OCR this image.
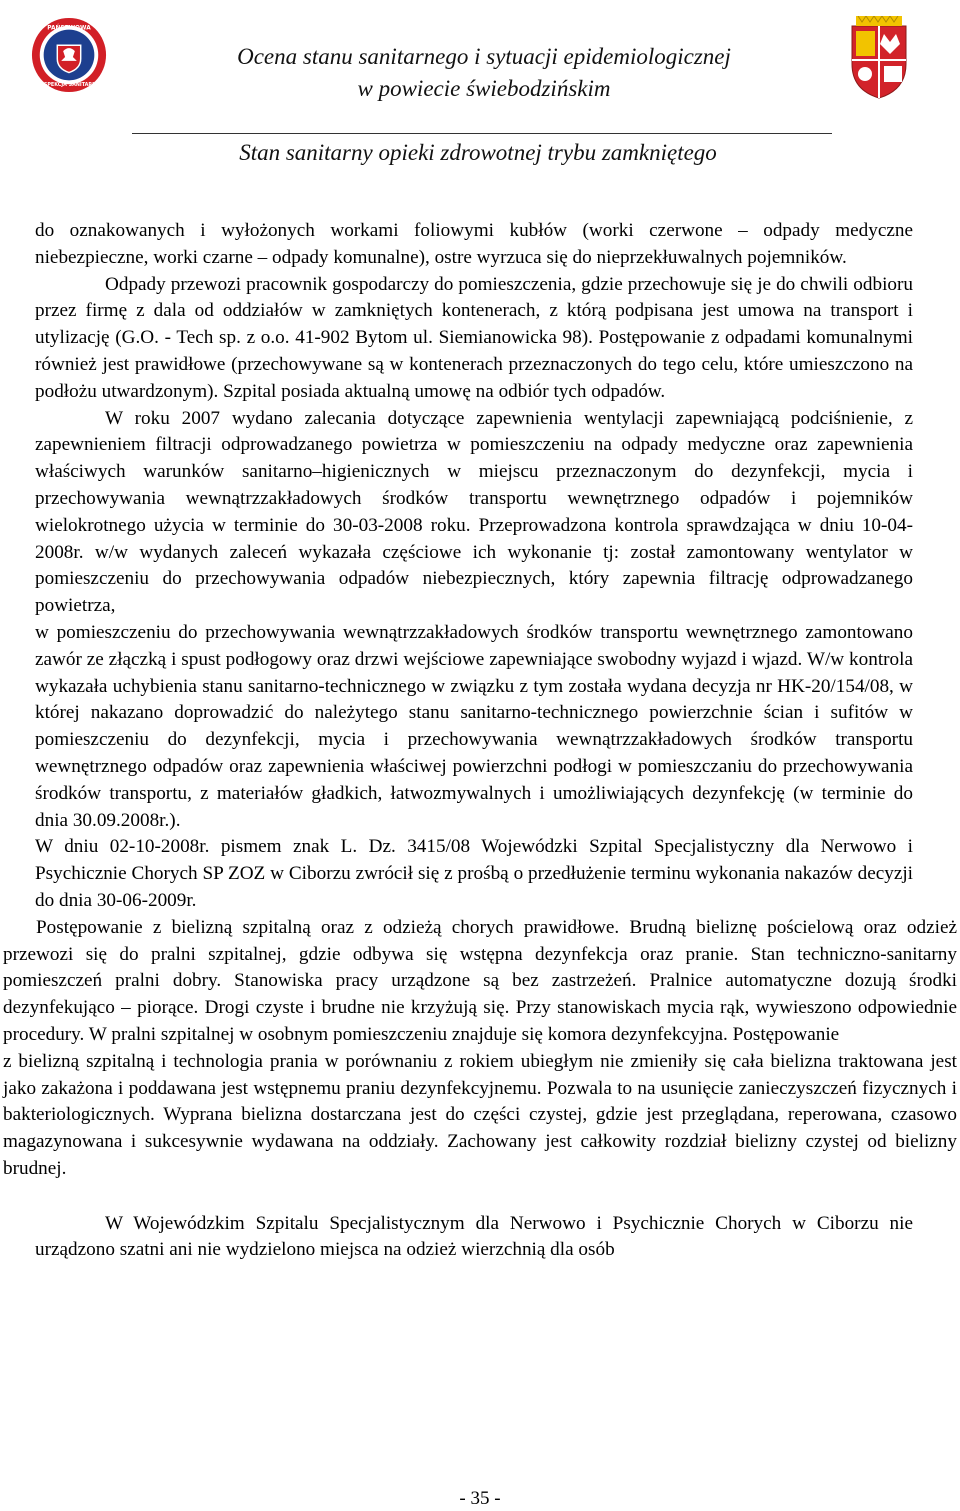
PAŃSTWOWA
INSPEKCJA SANITARNA
Ocena stanu sanitarnego i sytuacji epidemiologicznej
w powiecie świebodzińskim
Stan sanitarny opieki zdrowotnej trybu zamkniętego

do oznakowanych i wyłożonych workami foliowymi kubłów (worki czerwone – odpady medyczne niebezpieczne, worki czarne – odpady komunalne), ostre wyrzuca się do nieprzekłuwalnych pojemników.

Odpady przewozi pracownik gospodarczy do pomieszczenia, gdzie przechowuje się je do chwili odbioru przez firmę z dala od oddziałów w zamkniętych kontenerach, z którą podpisana jest umowa na transport i utylizację (G.O. - Tech sp. z o.o. 41-902 Bytom ul. Siemianowicka 98). Postępowanie z odpadami komunalnymi również jest prawidłowe (przechowywane są w kontenerach przeznaczonych do tego celu, które umieszczono na podłożu utwardzonym). Szpital posiada aktualną umowę na odbiór tych odpadów.

W roku 2007 wydano zalecania dotyczące zapewnienia wentylacji zapewniającą podciśnienie, z zapewnieniem filtracji odprowadzanego powietrza w pomieszczeniu na odpady medyczne oraz zapewnienia właściwych warunków sanitarno–higienicznych w miejscu przeznaczonym do dezynfekcji, mycia i przechowywania wewnątrzzakładowych środków transportu wewnętrznego odpadów i pojemników wielokrotnego użycia w terminie do 30-03-2008 roku. Przeprowadzona kontrola sprawdzająca w dniu 10-04-2008r. w/w wydanych zaleceń wykazała częściowe ich wykonanie tj: został zamontowany wentylator w pomieszczeniu do przechowywania odpadów niebezpiecznych, który zapewnia filtrację odprowadzanego powietrza,

w pomieszczeniu do przechowywania wewnątrzzakładowych środków transportu wewnętrznego zamontowano zawór ze złączką i spust podłogowy oraz drzwi wejściowe zapewniające swobodny wyjazd i wjazd. W/w kontrola wykazała uchybienia stanu sanitarno-technicznego w związku z tym została wydana decyzja nr HK-20/154/08, w której nakazano doprowadzić do należytego stanu sanitarno-technicznego powierzchnie ścian i sufitów w pomieszczeniu do dezynfekcji, mycia i przechowywania wewnątrzzakładowych środków transportu wewnętrznego odpadów oraz zapewnienia właściwej powierzchni podłogi w pomieszczaniu do przechowywania środków transportu, z materiałów gładkich, łatwozmywalnych i umożliwiających dezynfekcję (w terminie do dnia 30.09.2008r.).

W dniu 02-10-2008r. pismem znak L. Dz. 3415/08 Wojewódzki Szpital Specjalistyczny dla Nerwowo i Psychicznie Chorych SP ZOZ w Ciborzu zwrócił się z prośbą o przedłużenie terminu wykonania nakazów decyzji do dnia 30-06-2009r.

Postępowanie z bielizną szpitalną oraz z odzieżą chorych prawidłowe. Brudną bieliznę pościelową oraz odzież przewozi się do pralni szpitalnej, gdzie odbywa się wstępna dezynfekcja oraz pranie. Stan techniczno-sanitarny pomieszczeń pralni dobry. Stanowiska pracy urządzone są bez zastrzeżeń. Pralnice automatyczne dozują środki dezynfekująco – piorące. Drogi czyste i brudne nie krzyżują się. Przy stanowiskach mycia rąk, wywieszono odpowiednie procedury. W pralni szpitalnej w osobnym pomieszczeniu znajduje się komora dezynfekcyjna. Postępowanie

z bielizną szpitalną i technologia prania w porównaniu z rokiem ubiegłym nie zmieniły się cała bielizna traktowana jest jako zakażona i poddawana jest wstępnemu praniu dezynfekcyjnemu. Pozwala to na usunięcie zanieczyszczeń fizycznych i bakteriologicznych. Wyprana bielizna dostarczana jest do części czystej, gdzie jest przeglądana, reperowana, czasowo magazynowana i sukcesywnie wydawana na oddziały. Zachowany jest całkowity rozdział bielizny czystej od bielizny brudnej.

W Wojewódzkim Szpitalu Specjalistycznym dla Nerwowo i Psychicznie Chorych w Ciborzu nie urządzono szatni ani nie wydzielono miejsca na odzież wierzchnią dla osób

- 35 -
